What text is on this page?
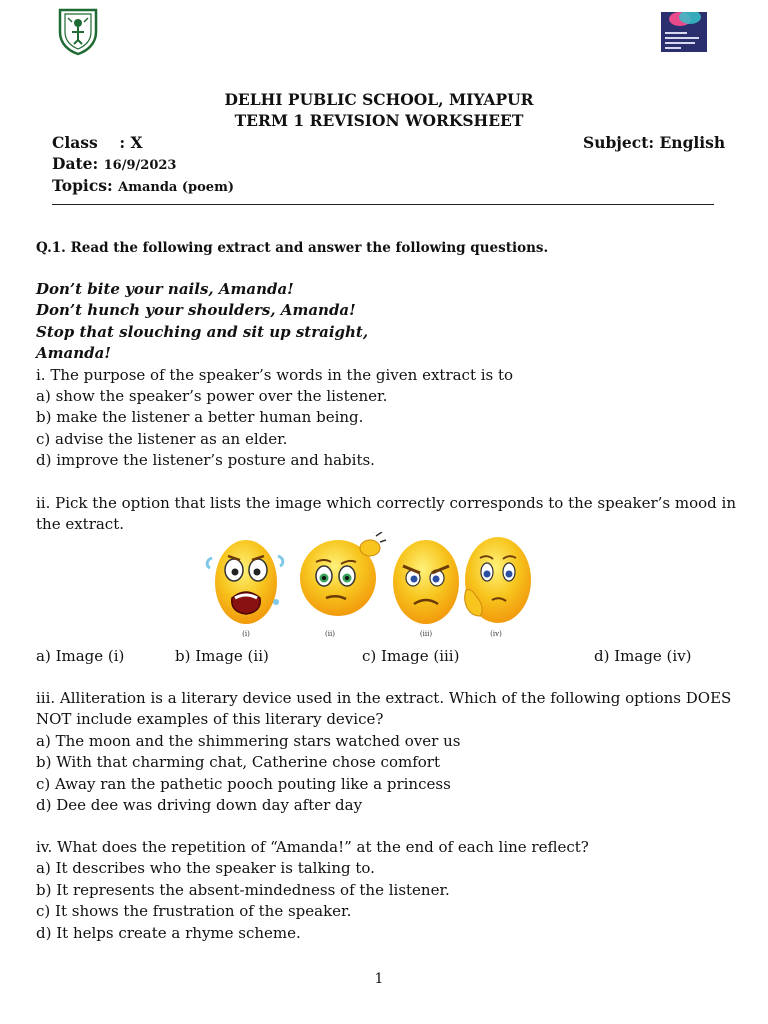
DELHI PUBLIC SCHOOL, MIYAPUR
TERM 1 REVISION WORKSHEET
Class : X	Subject: English
Date: 16/9/2023
Topics: Amanda (poem)
Q.1. Read the following extract and answer the following questions.
Don’t bite your nails, Amanda!
Don’t hunch your shoulders, Amanda!
Stop that slouching and sit up straight,
Amanda!
i. The purpose of the speaker’s words in the given extract is to
a) show the speaker’s power over the listener.
b) make the listener a better human being.
c) advise the listener as an elder.
d) improve the listener’s posture and habits.
ii. Pick the option that lists the image which correctly corresponds to the speaker’s mood in
the extract.
(i)	(ii)	(iii)	(iv)
a) Image (i)	b) Image (ii)	c) Image (iii)	d) Image (iv)
iii. Alliteration is a literary device used in the extract. Which of the following options DOES
NOT include examples of this literary device?
a) The moon and the shimmering stars watched over us
b) With that charming chat, Catherine chose comfort
c) Away ran the pathetic pooch pouting like a princess
d) Dee dee was driving down day after day
iv. What does the repetition of “Amanda!” at the end of each line reflect?
a) It describes who the speaker is talking to.
b) It represents the absent-mindedness of the listener.
c) It shows the frustration of the speaker.
d) It helps create a rhyme scheme.
1
